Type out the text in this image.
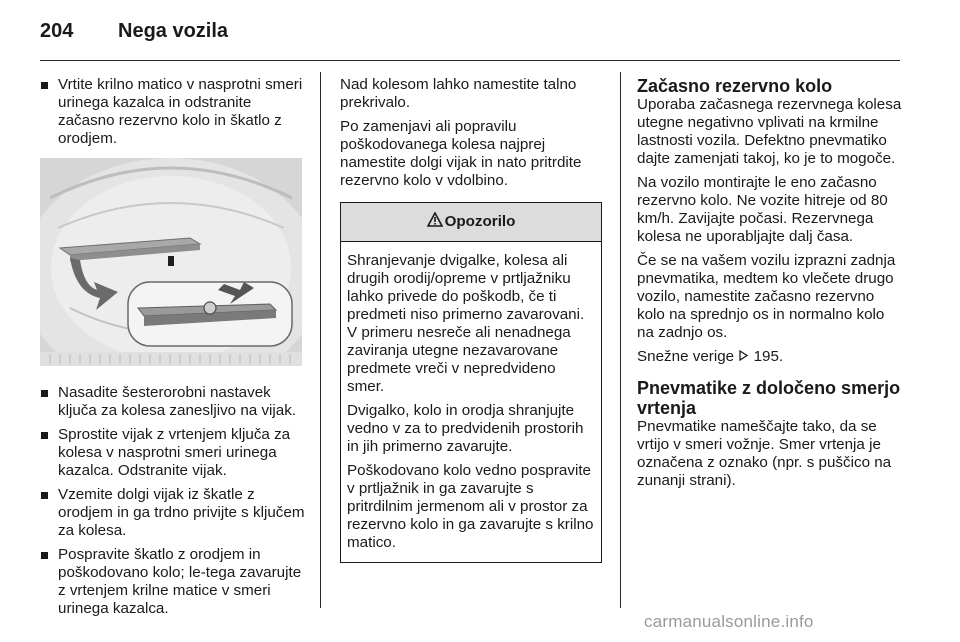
204 Nega vozila
Vrtite krilno matico v nasprotni smeri urinega kazalca in odstranite začasno rezervno kolo in škatlo z orodjem.
Nasadite šesterorobni nastavek ključa za kolesa zanesljivo na vijak.
Sprostite vijak z vrtenjem ključa za kolesa v nasprotni smeri urinega kazalca. Odstranite vijak.
Vzemite dolgi vijak iz škatle z orodjem in ga trdno privijte s ključem za kolesa.
Pospravite škatlo z orodjem in poškodovano kolo; le-tega zavarujte z vrtenjem krilne matice v smeri urinega kazalca.

Nad kolesom lahko namestite talno prekrivalo.

Po zamenjavi ali popravilu poškodovanega kolesa najprej namestite dolgi vijak in nato pritrdite rezervno kolo v vdolbino.

Opozorilo

Shranjevanje dvigalke, kolesa ali drugih orodij/opreme v prtljažniku lahko privede do poškodb, če ti predmeti niso primerno zavarovani. V primeru nesreče ali nenadnega zaviranja utegne nezavarovane predmete vreči v nepredvideno smer.

Dvigalko, kolo in orodja shranjujte vedno v za to predvidenih prostorih in jih primerno zavarujte.

Poškodovano kolo vedno pospravite v prtljažnik in ga zavarujte s pritrdilnim jermenom ali v prostor za rezervno kolo in ga zavarujte s krilno matico.

Začasno rezervno kolo

Uporaba začasnega rezervnega kolesa utegne negativno vplivati na krmilne lastnosti vozila. Defektno pnevmatiko dajte zamenjati takoj, ko je to mogoče.

Na vozilo montirajte le eno začasno rezervno kolo. Ne vozite hitreje od 80 km/h. Zavijajte počasi. Rezervnega kolesa ne uporabljajte dalj časa.

Če se na vašem vozilu izprazni zadnja pnevmatika, medtem ko vlečete drugo vozilo, namestite začasno rezervno kolo na sprednjo os in normalno kolo na zadnjo os.

Snežne verige 195.

Pnevmatike z določeno smerjo vrtenja

Pnevmatike nameščajte tako, da se vrtijo v smeri vožnje. Smer vrtenja je označena z oznako (npr. s puščico na zunanji strani).

carmanualsonline.info
